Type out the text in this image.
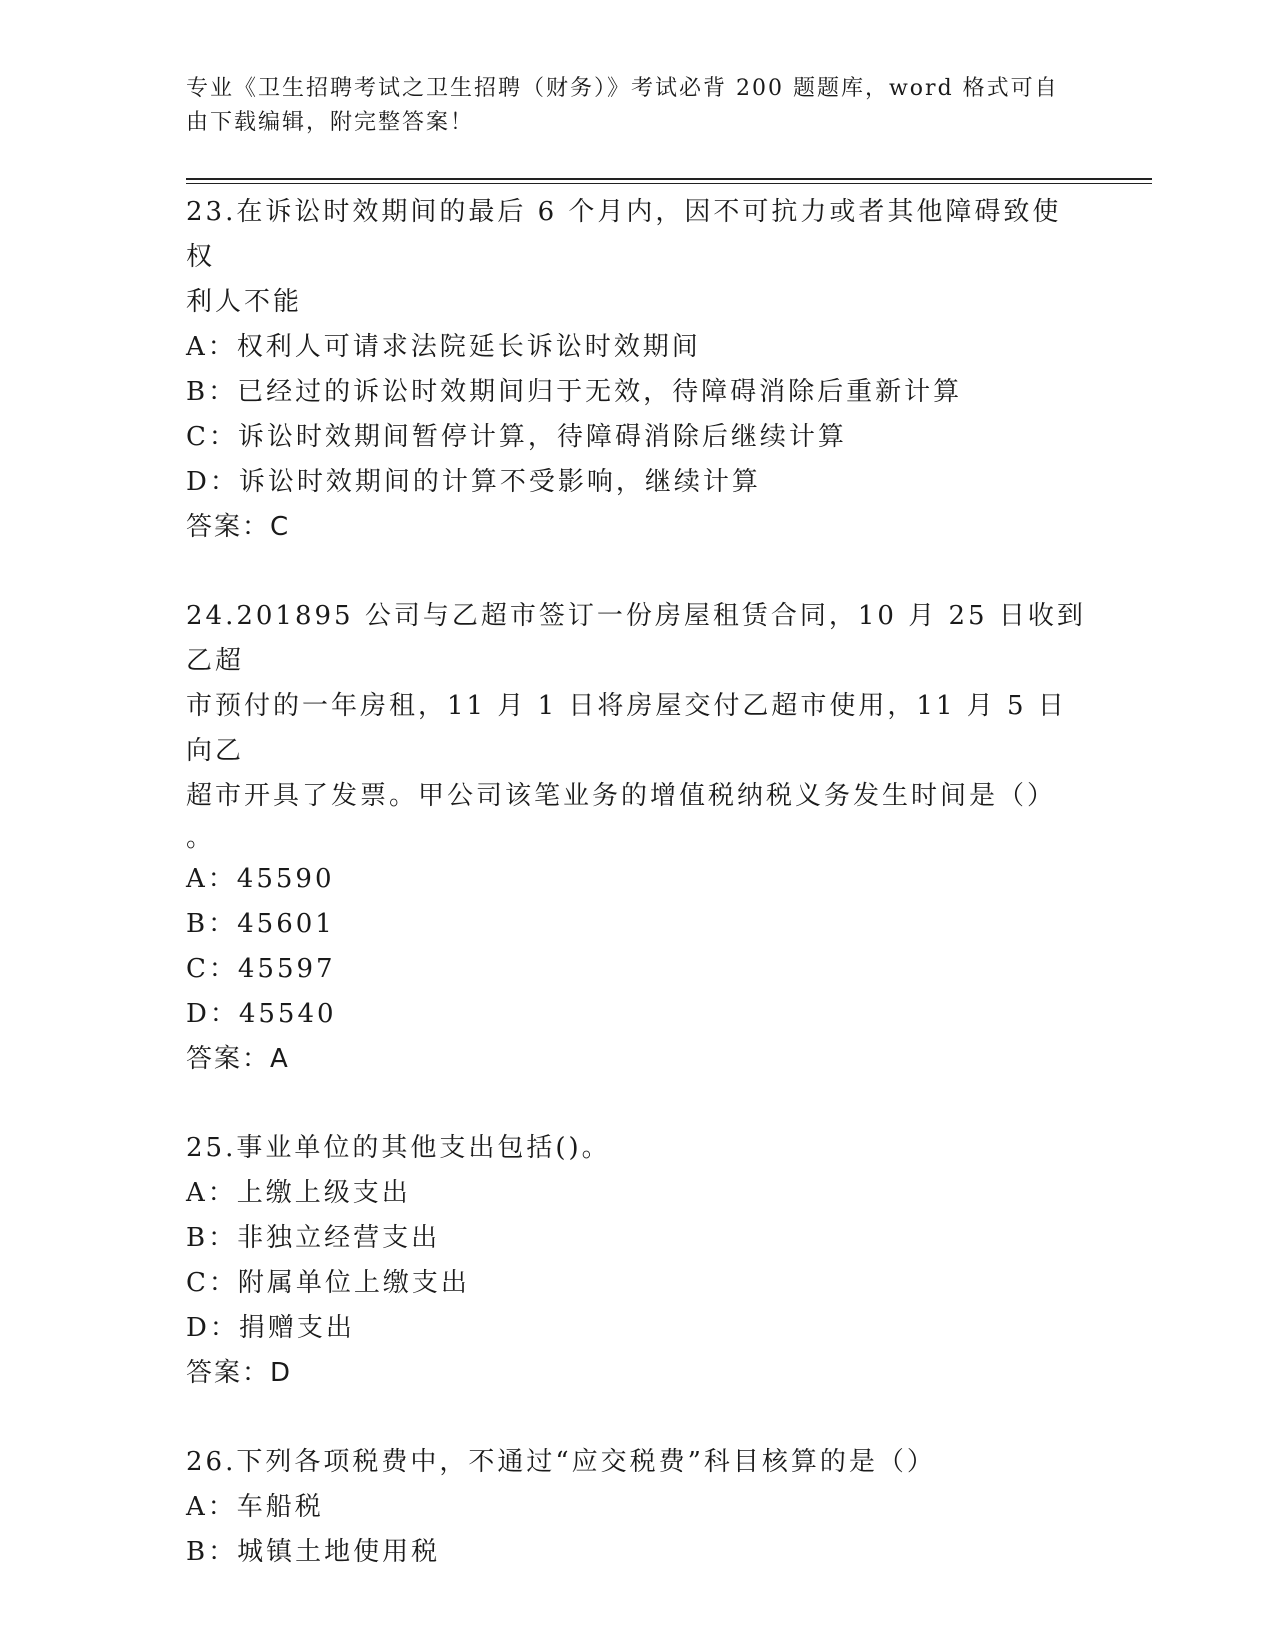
专业《卫生招聘考试之卫生招聘（财务）》考试必背 200 题题库，word 格式可自
由下载编辑，附完整答案！
23.在诉讼时效期间的最后 6 个月内，因不可抗力或者其他障碍致使权
利人不能
A：权利人可请求法院延长诉讼时效期间
B：已经过的诉讼时效期间归于无效，待障碍消除后重新计算
C：诉讼时效期间暂停计算，待障碍消除后继续计算
D：诉讼时效期间的计算不受影响，继续计算
答案：C
24.201895 公司与乙超市签订一份房屋租赁合同，10 月 25 日收到乙超
市预付的一年房租，11 月 1 日将房屋交付乙超市使用，11 月 5 日向乙
超市开具了发票。甲公司该笔业务的增值税纳税义务发生时间是（）
。
A：45590
B：45601
C：45597
D：45540
答案：A
25.事业单位的其他支出包括()。
A：上缴上级支出
B：非独立经营支出
C：附属单位上缴支出
D：捐赠支出
答案：D
26.下列各项税费中，不通过“应交税费”科目核算的是（）
A：车船税
B：城镇土地使用税
